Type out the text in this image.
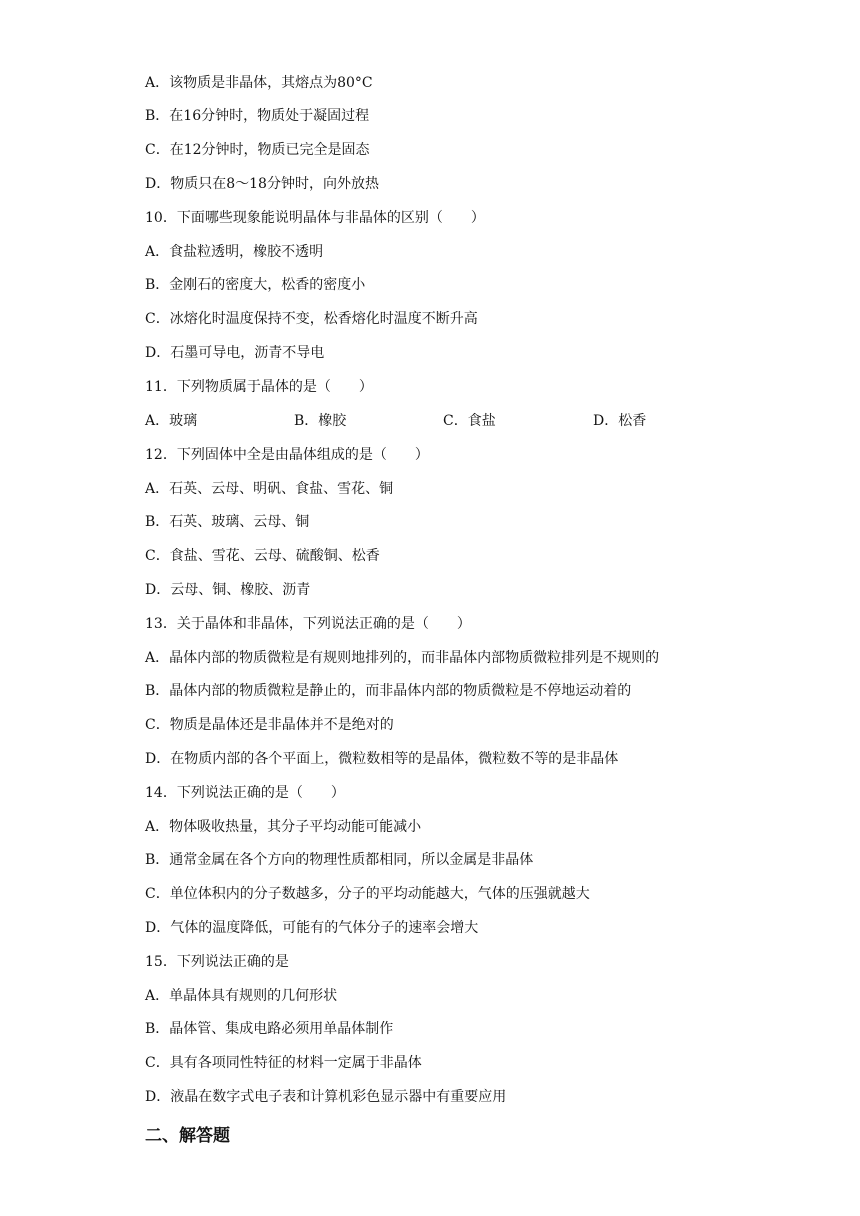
A．该物质是非晶体，其熔点为80°C
B．在16分钟时，物质处于凝固过程
C．在12分钟时，物质已完全是固态
D．物质只在8～18分钟时，向外放热
10．下面哪些现象能说明晶体与非晶体的区别（　　）
A．食盐粒透明，橡胶不透明
B．金刚石的密度大，松香的密度小
C．冰熔化时温度保持不变，松香熔化时温度不断升高
D．石墨可导电，沥青不导电
11．下列物质属于晶体的是（　　）
A．玻璃	B．橡胶	C．食盐	D．松香
12．下列固体中全是由晶体组成的是（　　）
A．石英、云母、明矾、食盐、雪花、铜
B．石英、玻璃、云母、铜
C．食盐、雪花、云母、硫酸铜、松香
D．云母、铜、橡胶、沥青
13．关于晶体和非晶体，下列说法正确的是（　　）
A．晶体内部的物质微粒是有规则地排列的，而非晶体内部物质微粒排列是不规则的
B．晶体内部的物质微粒是静止的，而非晶体内部的物质微粒是不停地运动着的
C．物质是晶体还是非晶体并不是绝对的
D．在物质内部的各个平面上，微粒数相等的是晶体，微粒数不等的是非晶体
14．下列说法正确的是（　　）
A．物体吸收热量，其分子平均动能可能减小
B．通常金属在各个方向的物理性质都相同，所以金属是非晶体
C．单位体积内的分子数越多，分子的平均动能越大，气体的压强就越大
D．气体的温度降低，可能有的气体分子的速率会增大
15．下列说法正确的是
A．单晶体具有规则的几何形状
B．晶体管、集成电路必须用单晶体制作
C．具有各项同性特征的材料一定属于非晶体
D．液晶在数字式电子表和计算机彩色显示器中有重要应用
二、解答题
